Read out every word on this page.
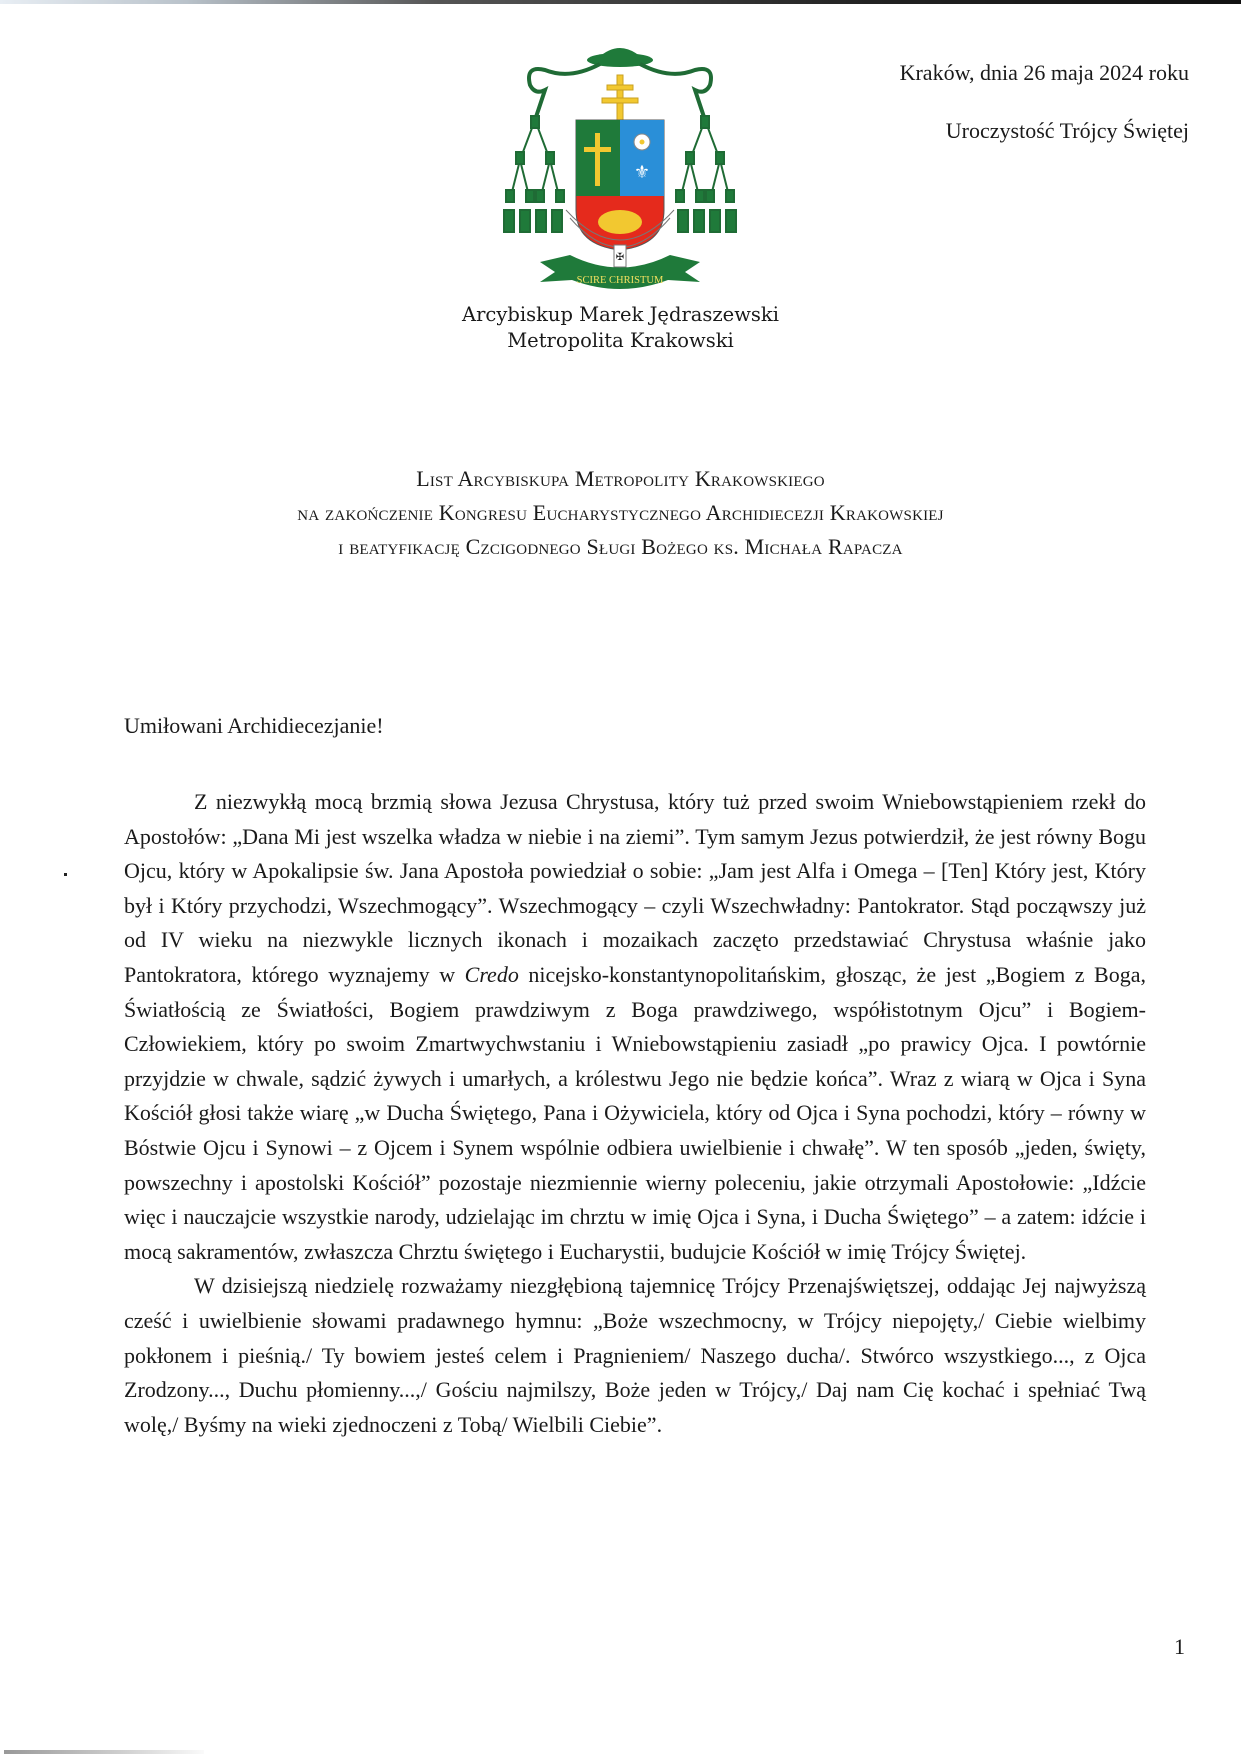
⚜
✠
SCIRE CHRISTUM
Kraków, dnia 26 maja 2024 roku
Uroczystość Trójcy Świętej
Arcybiskup Marek Jędraszewski
Metropolita Krakowski
List Arcybiskupa Metropolity Krakowskiego
na zakończenie Kongresu Eucharystycznego Archidiecezji Krakowskiej
i beatyfikację Czcigodnego Sługi Bożego ks. Michała Rapacza
Umiłowani Archidiecezjanie!

Z niezwykłą mocą brzmią słowa Jezusa Chrystusa, który tuż przed swoim Wniebowstąpieniem rzekł do Apostołów: „Dana Mi jest wszelka władza w niebie i na ziemi”. Tym samym Jezus potwierdził, że jest równy Bogu Ojcu, który w Apokalipsie św. Jana Apostoła powiedział o sobie: „Jam jest Alfa i Omega – [Ten] Który jest, Który był i Który przychodzi, Wszechmogący”. Wszechmogący – czyli Wszechwładny: Pantokrator. Stąd począwszy już od IV wieku na niezwykle licznych ikonach i mozaikach zaczęto przedstawiać Chrystusa właśnie jako Pantokratora, którego wyznajemy w Credo nicejsko-konstantynopolitańskim, głosząc, że jest „Bogiem z Boga, Światłością ze Światłości, Bogiem prawdziwym z Boga prawdziwego, współistotnym Ojcu” i Bogiem-Człowiekiem, który po swoim Zmartwychwstaniu i Wniebowstąpieniu zasiadł „po prawicy Ojca. I powtórnie przyjdzie w chwale, sądzić żywych i umarłych, a królestwu Jego nie będzie końca”. Wraz z wiarą w Ojca i Syna Kościół głosi także wiarę „w Ducha Świętego, Pana i Ożywiciela, który od Ojca i Syna pochodzi, który – równy w Bóstwie Ojcu i Synowi – z Ojcem i Synem wspólnie odbiera uwielbienie i chwałę”. W ten sposób „jeden, święty, powszechny i apostolski Kościół” pozostaje niezmiennie wierny poleceniu, jakie otrzymali Apostołowie: „Idźcie więc i nauczajcie wszystkie narody, udzielając im chrztu w imię Ojca i Syna, i Ducha Świętego” – a zatem: idźcie i mocą sakramentów, zwłaszcza Chrztu świętego i Eucharystii, budujcie Kościół w imię Trójcy Świętej.

W dzisiejszą niedzielę rozważamy niezgłębioną tajemnicę Trójcy Przenajświętszej, oddając Jej najwyższą cześć i uwielbienie słowami pradawnego hymnu: „Boże wszechmocny, w Trójcy niepojęty,/ Ciebie wielbimy pokłonem i pieśnią./ Ty bowiem jesteś celem i Pragnieniem/ Naszego ducha/. Stwórco wszystkiego..., z Ojca Zrodzony..., Duchu płomienny...,/ Gościu najmilszy, Boże jeden w Trójcy,/ Daj nam Cię kochać i spełniać Twą wolę,/ Byśmy na wieki zjednoczeni z Tobą/ Wielbili Ciebie”.

1
